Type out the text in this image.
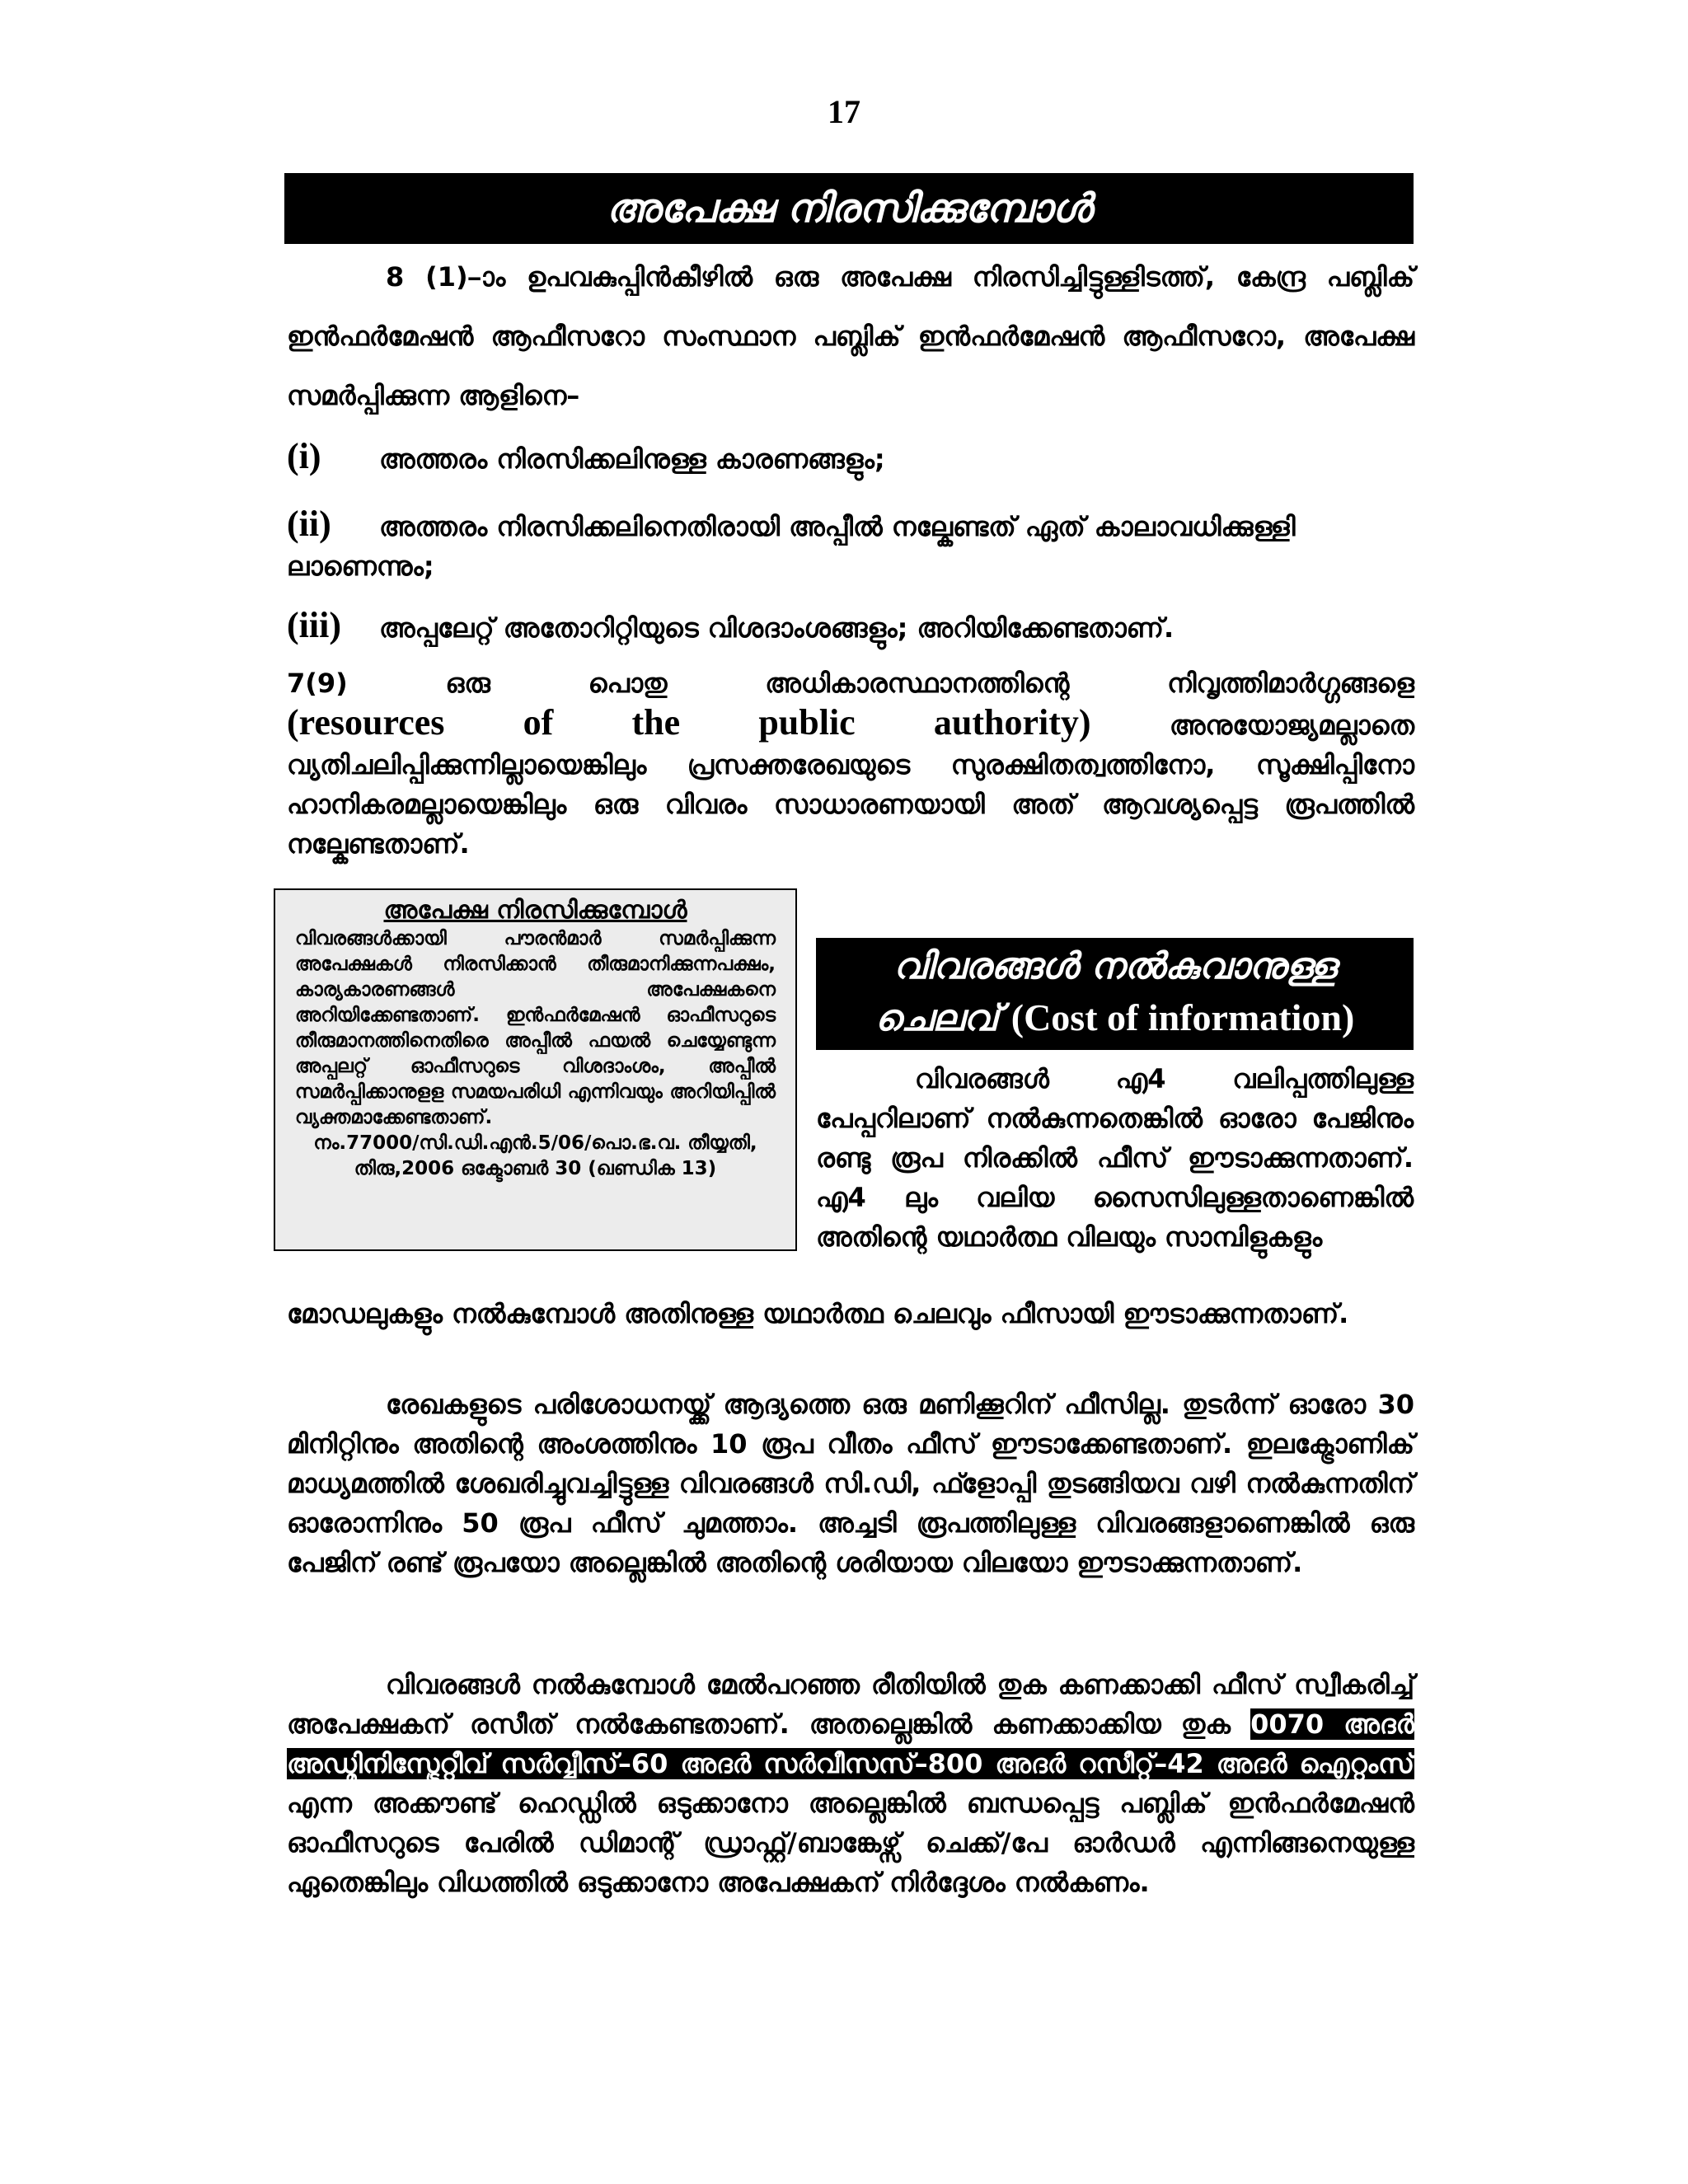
17
അപേക്ഷ നിരസിക്കുമ്പോൾ

8 (1)–ാം ഉപവകുപ്പിൻകീഴിൽ ഒരു അപേക്ഷ നിരസിച്ചിട്ടുള്ളിടത്ത്, കേന്ദ്ര പബ്ലിക് ഇൻഫർമേഷൻ ആഫീസറോ സംസ്ഥാന പബ്ലിക് ഇൻഫർമേഷൻ ആഫീസറോ, അപേക്ഷ സമർപ്പിക്കുന്ന ആളിനെ–

(i) അത്തരം നിരസിക്കലിനുള്ള കാരണങ്ങളും;

(ii) അത്തരം നിരസിക്കലിനെതിരായി അപ്പീൽ നല്കേണ്ടത് ഏത് കാലാവധിക്കുള്ളി ലാണെന്നും;

(iii) അപ്പലേറ്റ് അതോറിറ്റിയുടെ വിശദാംശങ്ങളും; അറിയിക്കേണ്ടതാണ്.

7(9) ഒരു പൊതു അധികാരസ്ഥാനത്തിന്റെ നിവൃത്തിമാർഗ്ഗങ്ങളെ
(resources of the public authority)	അനുയോജ്യമല്ലാതെ വ്യതിചലിപ്പിക്കുന്നില്ലായെങ്കിലും പ്രസക്തരേഖയുടെ സുരക്ഷിതത്വത്തിനോ, സൂക്ഷിപ്പിനോ ഹാനികരമല്ലായെങ്കിലും ഒരു വിവരം സാധാരണയായി അത് ആവശ്യപ്പെട്ട രൂപത്തിൽ നല്കേണ്ടതാണ്.

അപേക്ഷ നിരസിക്കുമ്പോൾ
വിവരങ്ങൾക്കായി പൗരൻമാർ സമർപ്പിക്കുന്ന അപേക്ഷകൾ നിരസിക്കാൻ തീരുമാനിക്കുന്നപക്ഷം, കാര്യകാരണങ്ങൾ അപേക്ഷകനെ അറിയിക്കേണ്ടതാണ്. ഇൻഫർമേഷൻ ഓഫീസറുടെ തീരുമാനത്തിനെതിരെ അപ്പീൽ ഫയൽ ചെയ്യേണ്ടുന്ന അപ്പലറ്റ് ഓഫീസറുടെ വിശദാംശം, അപ്പീൽ സമർപ്പിക്കാനുളള സമയപരിധി എന്നിവയും അറിയിപ്പിൽ വ്യക്തമാക്കേണ്ടതാണ്.
നം.77000/സി.ഡി.എൻ.5/06/പൊ.ഭ.വ. തീയ്യതി,
തിരു,2006 ഒക്ടോബർ 30 (ഖണ്ഡിക 13)
വിവരങ്ങൾ നൽകുവാനുള്ള
ചെലവ് (Cost of information)

വിവരങ്ങൾ എ4 വലിപ്പത്തിലുള്ള പേപ്പറിലാണ് നൽകുന്നതെങ്കിൽ ഓരോ പേജിനും രണ്ടു രൂപ നിരക്കിൽ ഫീസ് ഈടാക്കുന്നതാണ്. എ4 ലും വലിയ സൈസിലുള്ളതാണെങ്കിൽ അതിന്റെ യഥാർത്ഥ വിലയും സാമ്പിളുകളും

മോഡലുകളും നൽകുമ്പോൾ അതിനുള്ള യഥാർത്ഥ ചെലവും ഫീസായി ഈടാക്കുന്നതാണ്.

രേഖകളുടെ പരിശോധനയ്ക്ക് ആദ്യത്തെ ഒരു മണിക്കൂറിന് ഫീസില്ല. തുടർന്ന് ഓരോ 30 മിനിറ്റിനും അതിന്റെ അംശത്തിനും 10 രൂപ വീതം ഫീസ് ഈടാക്കേണ്ടതാണ്. ഇലക്ട്രോണിക് മാധ്യമത്തിൽ ശേഖരിച്ചുവച്ചിട്ടുള്ള വിവരങ്ങൾ സി.ഡി, ഫ്ളോപ്പി തുടങ്ങിയവ വഴി നൽകുന്നതിന് ഓരോന്നിനും 50 രൂപ ഫീസ് ചുമത്താം. അച്ചടി രൂപത്തിലുള്ള വിവരങ്ങളാണെങ്കിൽ ഒരു പേജിന് രണ്ട് രൂപയോ അല്ലെങ്കിൽ അതിന്റെ ശരിയായ വിലയോ ഈടാക്കുന്നതാണ്.

വിവരങ്ങൾ നൽകുമ്പോൾ മേൽപറഞ്ഞ രീതിയിൽ തുക കണക്കാക്കി ഫീസ് സ്വീകരിച്ച് അപേക്ഷകന് രസീത് നൽകേണ്ടതാണ്. അതല്ലെങ്കിൽ കണക്കാക്കിയ തുക 0070 അദർ അഡ്മിനിസ്ട്രേറ്റീവ് സർവ്വീസ്–60 അദർ സർവീസസ്–800 അദർ റസീറ്റ്സ്–42 അദർ ഐറ്റംസ് എന്ന അക്കൗണ്ട് ഹെഡ്ഡിൽ ഒടുക്കാനോ അല്ലെങ്കിൽ ബന്ധപ്പെട്ട പബ്ലിക് ഇൻഫർമേഷൻ ഓഫീസറുടെ പേരിൽ ഡിമാന്റ് ഡ്രാഫ്റ്റ്/ബാങ്കേഴ്സ് ചെക്ക്/പേ ഓർഡർ എന്നിങ്ങനെയുള്ള ഏതെങ്കിലും വിധത്തിൽ ഒടുക്കാനോ അപേക്ഷകന് നിർദ്ദേശം നൽകണം.
